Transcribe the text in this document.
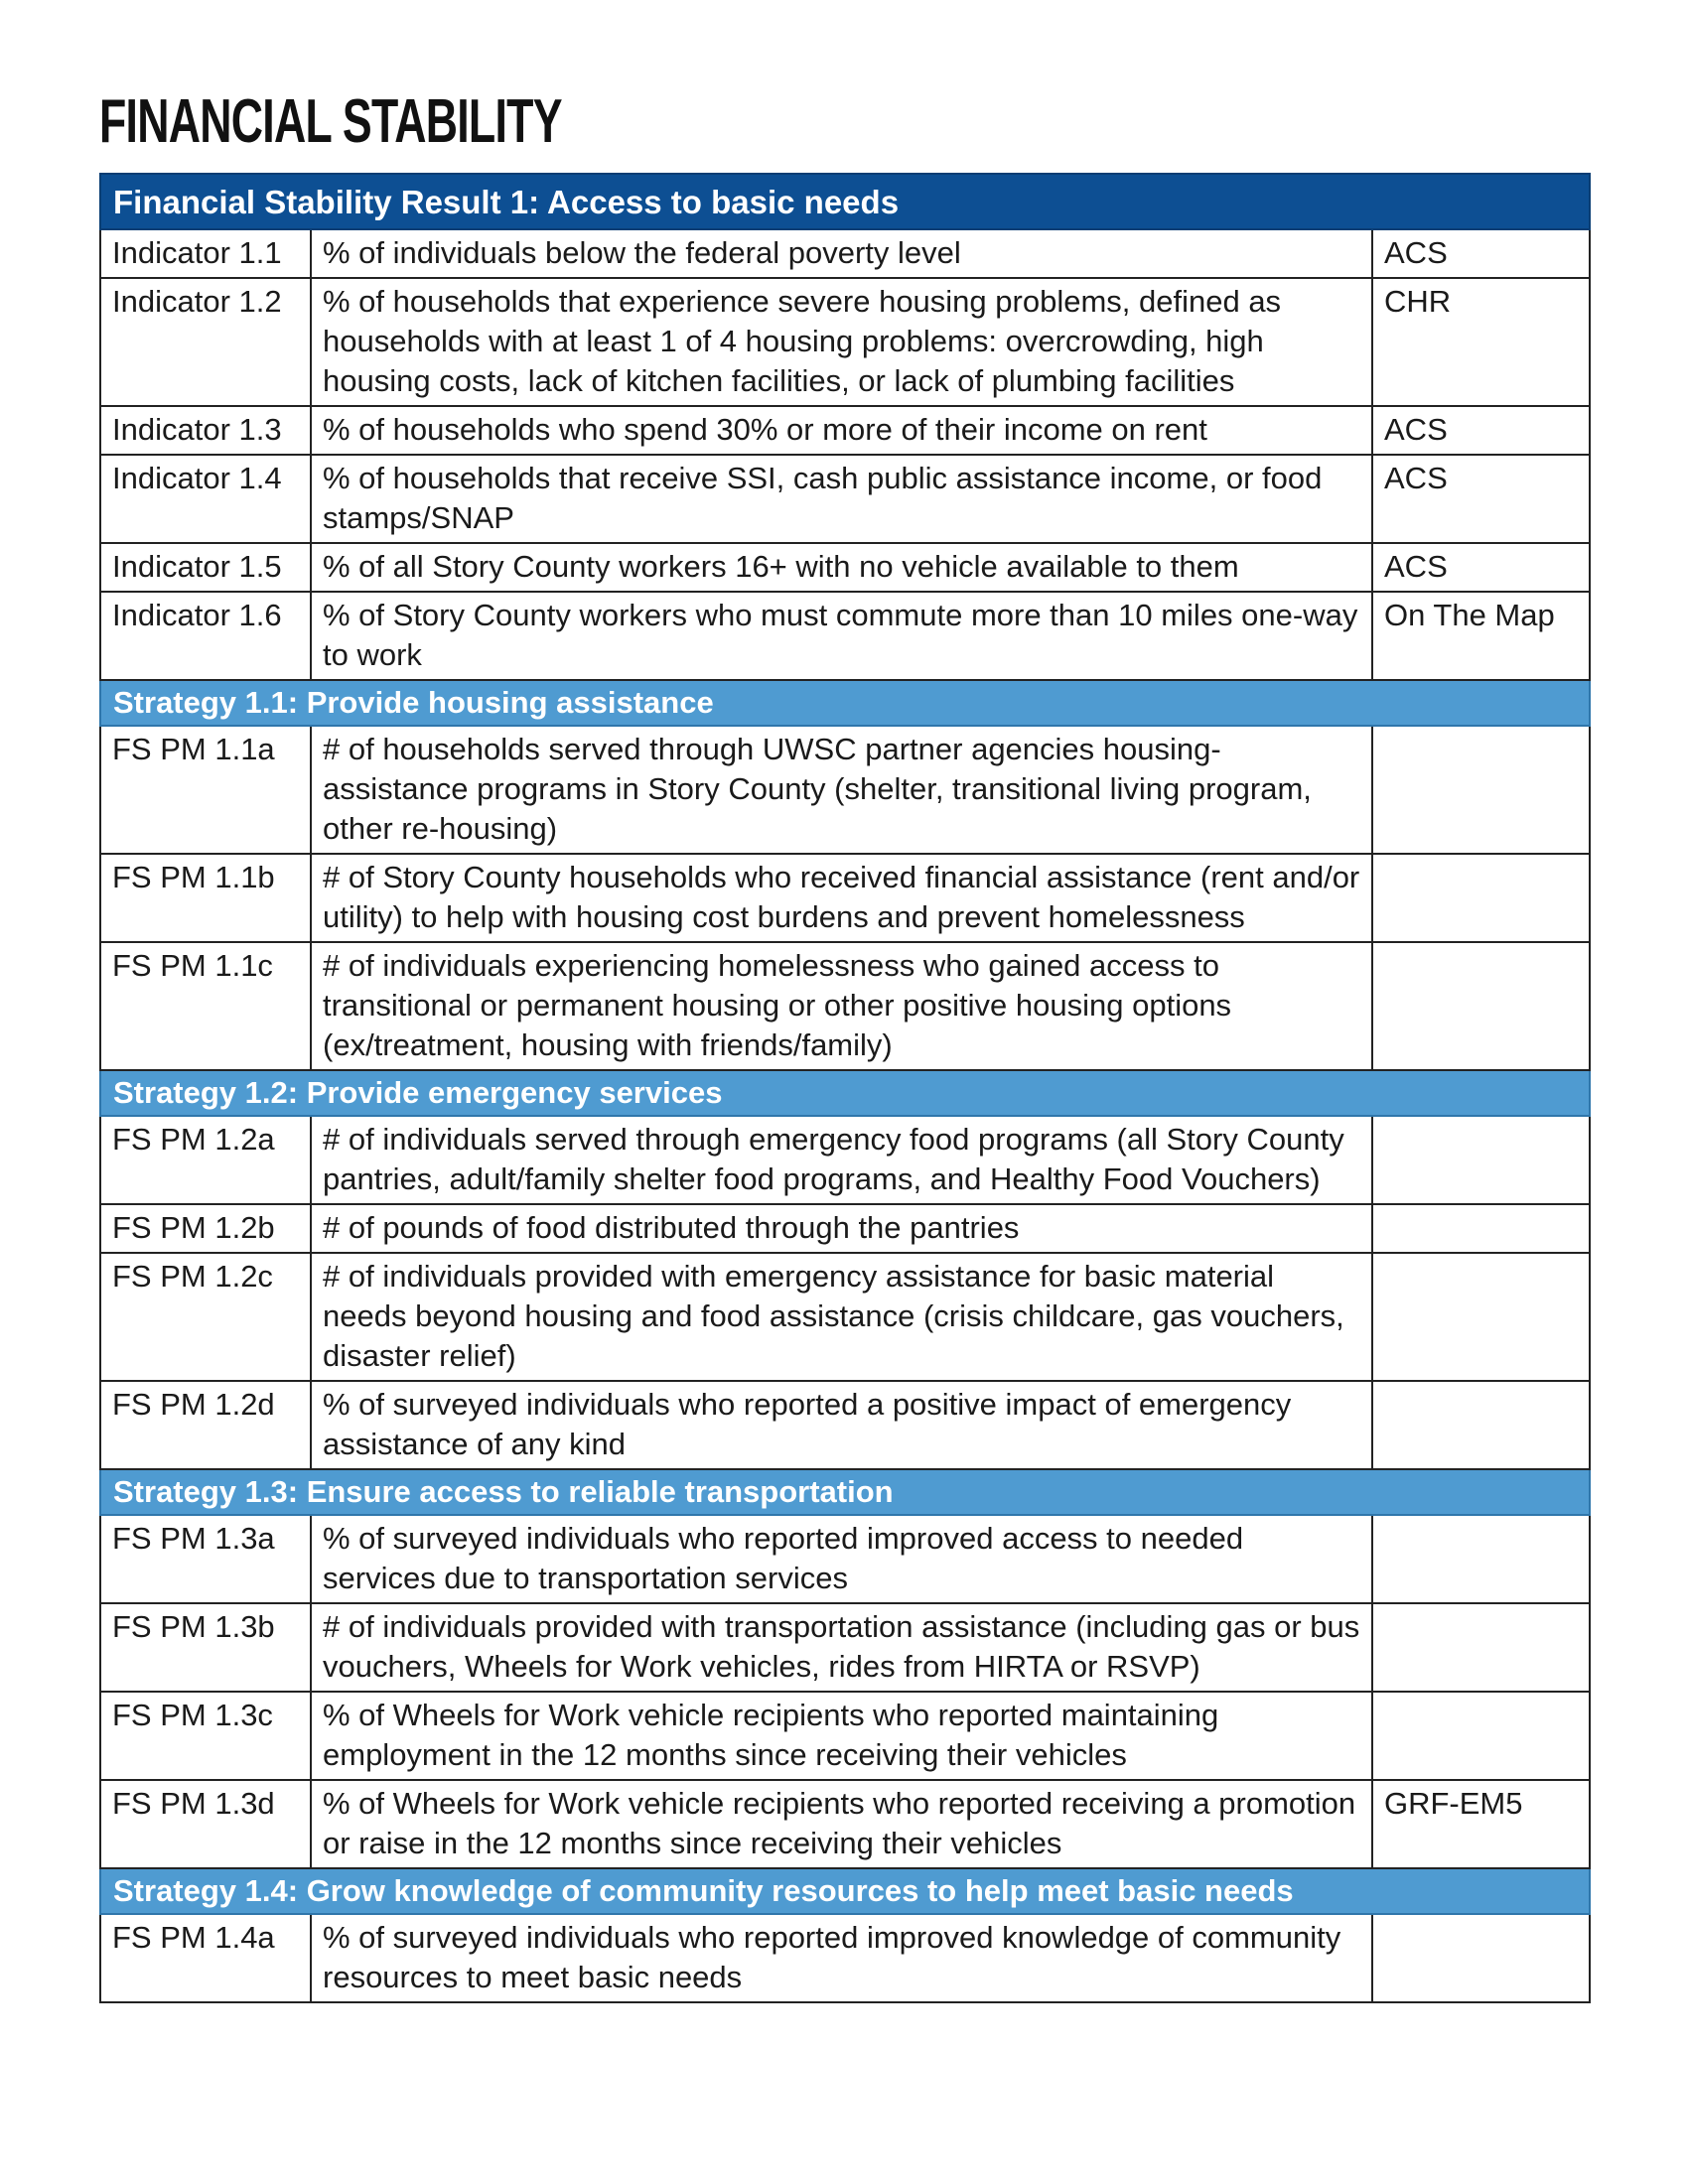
FINANCIAL STABILITY
Financial Stability Result 1: Access to basic needs		
Indicator 1.1	% of individuals below the federal poverty level	ACS
Indicator 1.2	% of households that experience severe housing problems, defined as households with at least 1 of 4 housing problems: overcrowding, high housing costs, lack of kitchen facilities, or lack of plumbing facilities	CHR
Indicator 1.3	% of households who spend 30% or more of their income on rent	ACS
Indicator 1.4	% of households that receive SSI, cash public assistance income, or food stamps/SNAP	ACS
Indicator 1.5	% of all Story County workers 16+ with no vehicle available to them	ACS
Indicator 1.6	% of Story County workers who must commute more than 10 miles one-way to work	On The Map
Strategy 1.1: Provide housing assistance		
FS PM 1.1a	# of households served through UWSC partner agencies housing-assistance programs in Story County (shelter, transitional living program, other re-housing)	
FS PM 1.1b	# of Story County households who received financial assistance (rent and/or utility) to help with housing cost burdens and prevent homelessness	
FS PM 1.1c	# of individuals experiencing homelessness who gained access to transitional or permanent housing or other positive housing options (ex/treatment, housing with friends/family)	
Strategy 1.2: Provide emergency services		
FS PM 1.2a	# of individuals served through emergency food programs (all Story County pantries, adult/family shelter food programs, and Healthy Food Vouchers)	
FS PM 1.2b	# of pounds of food distributed through the pantries	
FS PM 1.2c	# of individuals provided with emergency assistance for basic material needs beyond housing and food assistance (crisis childcare, gas vouchers, disaster relief)	
FS PM 1.2d	% of surveyed individuals who reported a positive impact of emergency assistance of any kind	
Strategy 1.3: Ensure access to reliable transportation		
FS PM 1.3a	% of surveyed individuals who reported improved access to needed services due to transportation services	
FS PM 1.3b	# of individuals provided with transportation assistance (including gas or bus vouchers, Wheels for Work vehicles, rides from HIRTA or RSVP)	
FS PM 1.3c	% of Wheels for Work vehicle recipients who reported maintaining employment in the 12 months since receiving their vehicles	
FS PM 1.3d	% of Wheels for Work vehicle recipients who reported receiving a promotion or raise in the 12 months since receiving their vehicles	GRF-EM5
Strategy 1.4: Grow knowledge of community resources to help meet basic needs		
FS PM 1.4a	% of surveyed individuals who reported improved knowledge of community resources to meet basic needs	
